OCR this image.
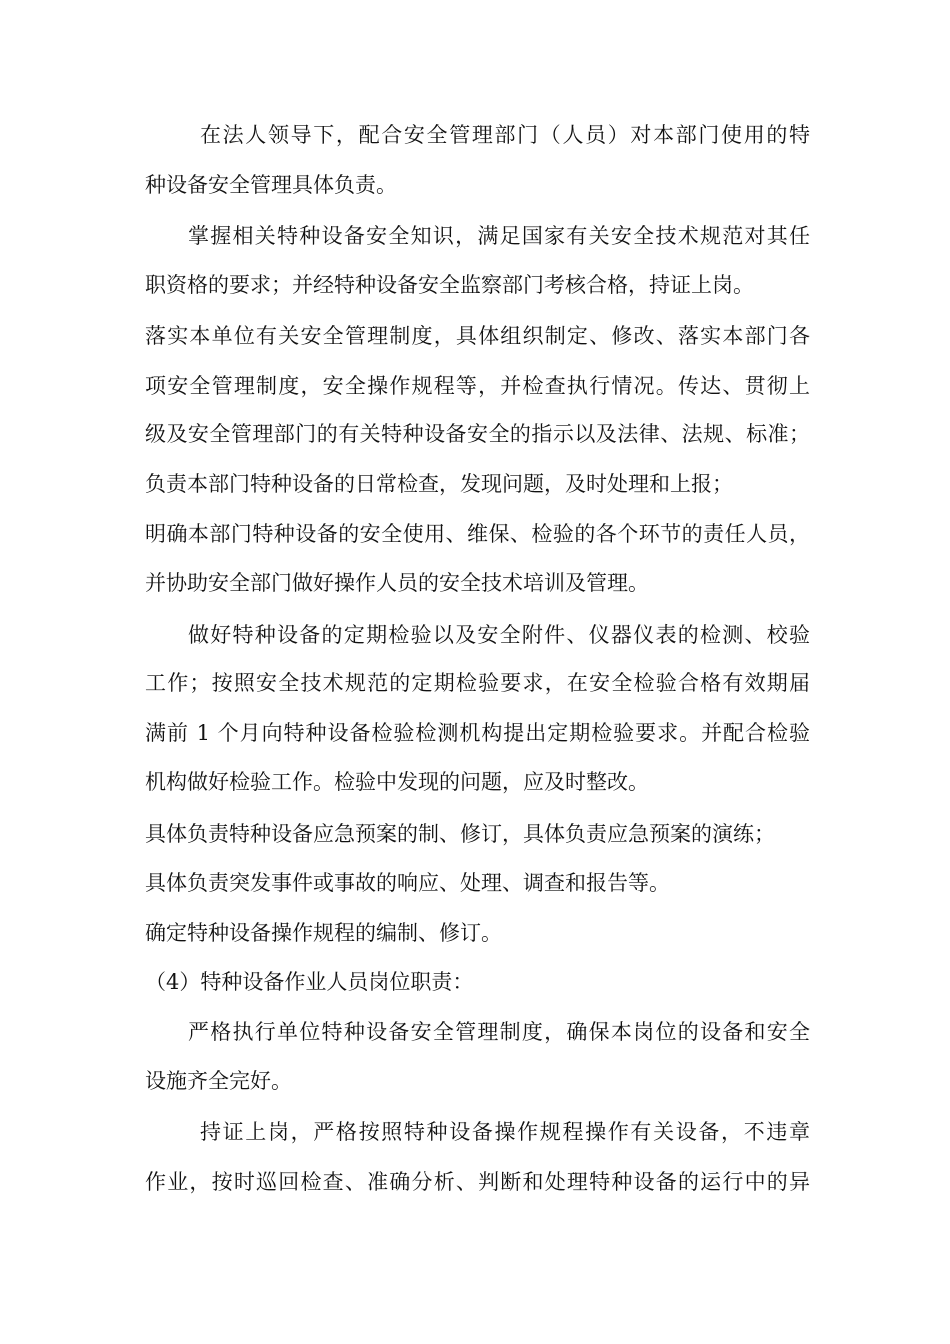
在法人领导下，配合安全管理部门（人员）对本部门使用的特
种设备安全管理具体负责。
掌握相关特种设备安全知识，满足国家有关安全技术规范对其任
职资格的要求；并经特种设备安全监察部门考核合格，持证上岗。
落实本单位有关安全管理制度，具体组织制定、修改、落实本部门各
项安全管理制度，安全操作规程等，并检查执行情况。传达、贯彻上
级及安全管理部门的有关特种设备安全的指示以及法律、法规、标准；
负责本部门特种设备的日常检查，发现问题，及时处理和上报；
明确本部门特种设备的安全使用、维保、检验的各个环节的责任人员，
并协助安全部门做好操作人员的安全技术培训及管理。
做好特种设备的定期检验以及安全附件、仪器仪表的检测、校验
工作；按照安全技术规范的定期检验要求，在安全检验合格有效期届
满前 1 个月向特种设备检验检测机构提出定期检验要求。并配合检验
机构做好检验工作。检验中发现的问题，应及时整改。
具体负责特种设备应急预案的制、修订，具体负责应急预案的演练；
具体负责突发事件或事故的响应、处理、调查和报告等。
确定特种设备操作规程的编制、修订。
（4）特种设备作业人员岗位职责：
严格执行单位特种设备安全管理制度，确保本岗位的设备和安全
设施齐全完好。
持证上岗，严格按照特种设备操作规程操作有关设备，不违章
作业，按时巡回检查、准确分析、判断和处理特种设备的运行中的异
